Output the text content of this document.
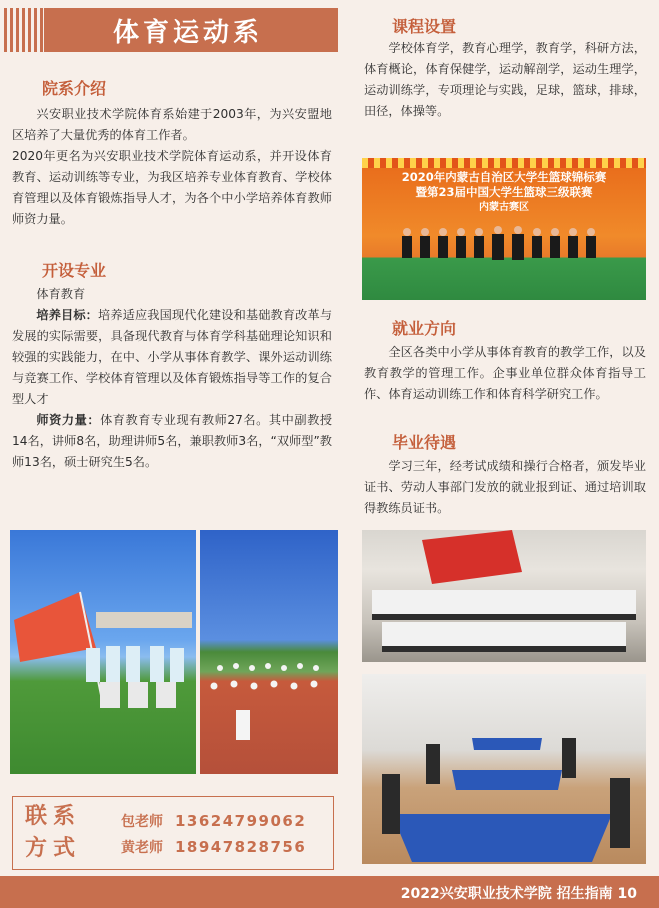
体育运动系
院系介绍

兴安职业技术学院体育系始建于2003年，为兴安盟地区培养了大量优秀的体育工作者。

2020年更名为兴安职业技术学院体育运动系，并开设体育教育、运动训练等专业，为我区培养专业体育教育、学校体育管理以及体育锻炼指导人才，为各个中小学培养体育教师师资力量。

开设专业

体育教育

培养目标：培养适应我国现代化建设和基础教育改革与发展的实际需要，具备现代教育与体育学科基础理论知识和较强的实践能力，在中、小学从事体育教学、课外运动训练与竞赛工作、学校体育管理以及体育锻炼指导等工作的复合型人才

师资力量：体育教育专业现有教师27名。其中副教授14名，讲师8名，助理讲师5名，兼职教师3名，“双师型”教师13名，硕士研究生5名。

课程设置

学校体育学，教育心理学，教育学，科研方法，体育概论，体育保健学，运动解剖学，运动生理学，运动训练学，专项理论与实践，足球，篮球，排球，田径，体操等。

2020年内蒙古自治区大学生篮球锦标赛
暨第23届中国大学生篮球三级联赛
内蒙古赛区
就业方向

全区各类中小学从事体育教育的教学工作，以及教育教学的管理工作。企事业单位群众体育指导工作、体育运动训练工作和体育科学研究工作。

毕业待遇

学习三年，经考试成绩和操行合格者，颁发毕业证书、劳动人事部门发放的就业报到证、通过培训取得教练员证书。

联系
方式
包老师 13624799062
黄老师 18947828756
2022兴安职业技术学院 招生指南 10
